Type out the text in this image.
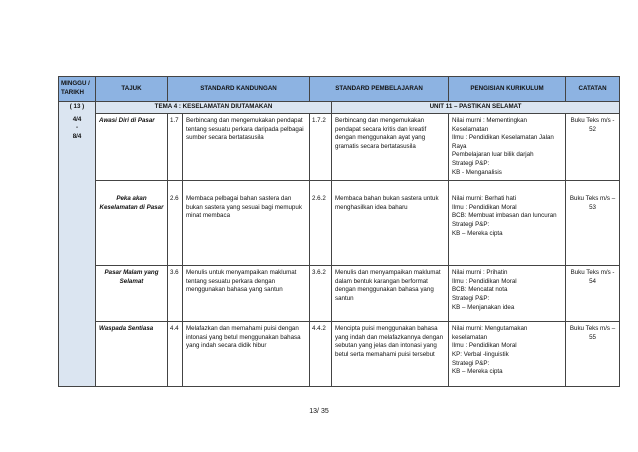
MINGGU / TARIKH	TAJUK	STANDARD KANDUNGAN		STANDARD PEMBELAJARAN		PENGISIAN KURIKULUM	CATATAN

( 13 )
4/4
-
8/4	TEMA 4 : KESELAMATAN DIUTAMAKAN				UNIT 11 – PASTIKAN SELAMAT		
	Awasi Diri di Pasar	1.7	Berbincang dan mengemukakan pendapat tentang sesuatu perkara daripada pelbagai sumber secara bertatasusila	1.7.2	Berbincang dan mengemukakan pendapat secara kritis dan kreatif dengan menggunakan ayat yang gramatis secara bertatasusila	Nilai murni : Mementingkan Keselamatan
Ilmu : Pendidikan Keselamatan Jalan Raya
Pembelajaran luar bilik darjah
Strategi P&P:
KB - Menganalisis	Buku Teks m/s - 52
	Peka akan Keselamatan di Pasar	2.6	Membaca pelbagai bahan sastera dan bukan sastera yang sesuai bagi memupuk minat membaca	2.6.2	Membaca bahan bukan sastera untuk menghasilkan idea baharu	Nilai murni: Berhati hati
Ilmu : Pendidikan Moral
BCB: Membuat imbasan dan luncuran
Strategi P&P:
KB – Mereka cipta	Buku Teks m/s – 53
	Pasar Malam yang Selamat	3.6	Menulis untuk menyampaikan maklumat tentang sesuatu perkara dengan menggunakan bahasa yang santun	3.6.2	Menulis dan menyampaikan maklumat dalam bentuk karangan berformat dengan menggunakan bahasa yang santun	Nilai murni : Prihatin
Ilmu : Pendidikan Moral
BCB: Mencatat nota
Strategi P&P:
KB – Menjanakan idea	Buku Teks m/s - 54
	Waspada Sentiasa	4.4	Melafazkan dan memahami puisi dengan intonasi yang betul menggunakan bahasa yang indah secara didik hibur	4.4.2	Mencipta puisi menggunakan bahasa yang indah dan melafazkannya dengan sebutan yang jelas dan intonasi yang betul serta memahami puisi tersebut	Nilai murni: Mengutamakan keselamatan
Ilmu : Pendidikan Moral
KP: Verbal -linguistik
Strategi P&P:
KB – Mereka cipta	Buku Teks m/s – 55
13/ 35
